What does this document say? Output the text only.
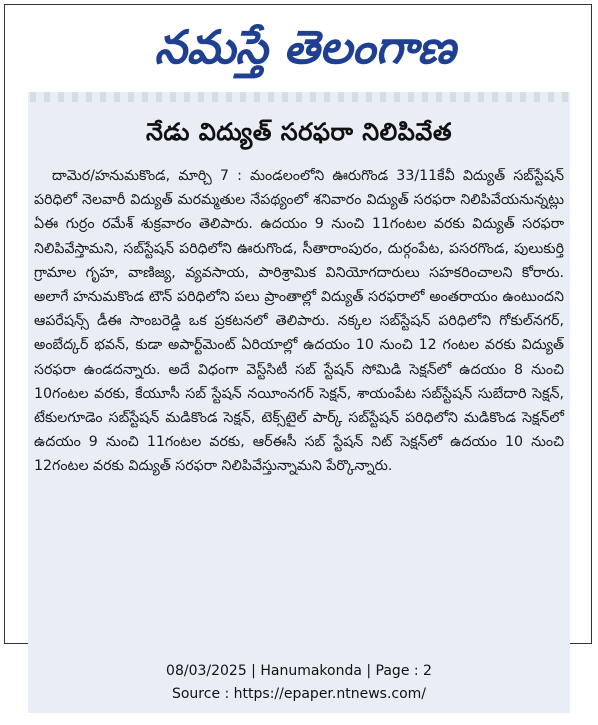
నమస్తే తెలంగాణ
నేడు విద్యుత్ సరఫరా నిలిపివేత

దామెర/హనుమకొండ, మార్చి 7 : మండలంలోని ఊరుగొండ 33/11కేవీ విద్యుత్ సబ్‌స్టేషన్ పరిధిలో నెలవారీ విద్యుత్ మరమ్మతుల నేపథ్యంలో శనివారం విద్యుత్ సరఫరా నిలిపివేయనున్నట్లు ఏఈ గుర్రం రమేశ్ శుక్రవారం తెలిపారు. ఉదయం 9 నుంచి 11గంటల వరకు విద్యుత్ సరఫరా నిలిపివేస్తామని, సబ్‌స్టేషన్ పరిధిలోని ఊరుగొండ, సీతారాంపురం, దుర్గంపేట, పసరగొండ, పులుకుర్తి గ్రామాల గృహ, వాణిజ్య, వ్యవసాయ, పారిశ్రామిక వినియోగదారులు సహకరించాలని కోరారు. అలాగే హనుమకొండ టౌన్ పరిధిలోని పలు ప్రాంతాల్లో విద్యుత్ సరఫరాలో అంతరాయం ఉంటుందని ఆపరేషన్స్ డీఈ సాంబరెడ్డి ఒక ప్రకటనలో తెలిపారు. నక్కల సబ్‌స్టేషన్ పరిధిలోని గోకుల్‌నగర్, అంబేద్కర్ భవన్, కుడా అపార్ట్‌మెంట్ ఏరియాల్లో ఉదయం 10 నుంచి 12 గంటల వరకు విద్యుత్ సరఫరా ఉండదన్నారు. అదే విధంగా వెస్ట్‌సిటీ సబ్ స్టేషన్ సోమిడి సెక్షన్‌లో ఉదయం 8 నుంచి 10గంటల వరకు, కేయూసీ సబ్ స్టేషన్ నయీంనగర్ సెక్షన్, శాయంపేట సబ్‌స్టేషన్ సుబేదారి సెక్షన్, టేకులగూడెం సబ్‌స్టేషన్ మడికొండ సెక్షన్, టెక్స్‌టైల్ పార్క్ సబ్‌స్టేషన్ పరిధిలోని మడికొండ సెక్షన్‌లో ఉదయం 9 నుంచి 11గంటల వరకు, ఆర్ఈసీ సబ్ స్టేషన్ నిట్ సెక్షన్‌లో ఉదయం 10 నుంచి 12గంటల వరకు విద్యుత్ సరఫరా నిలిపివేస్తున్నామని పేర్కొన్నారు.

08/03/2025 | Hanumakonda | Page : 2
Source : https://epaper.ntnews.com/
